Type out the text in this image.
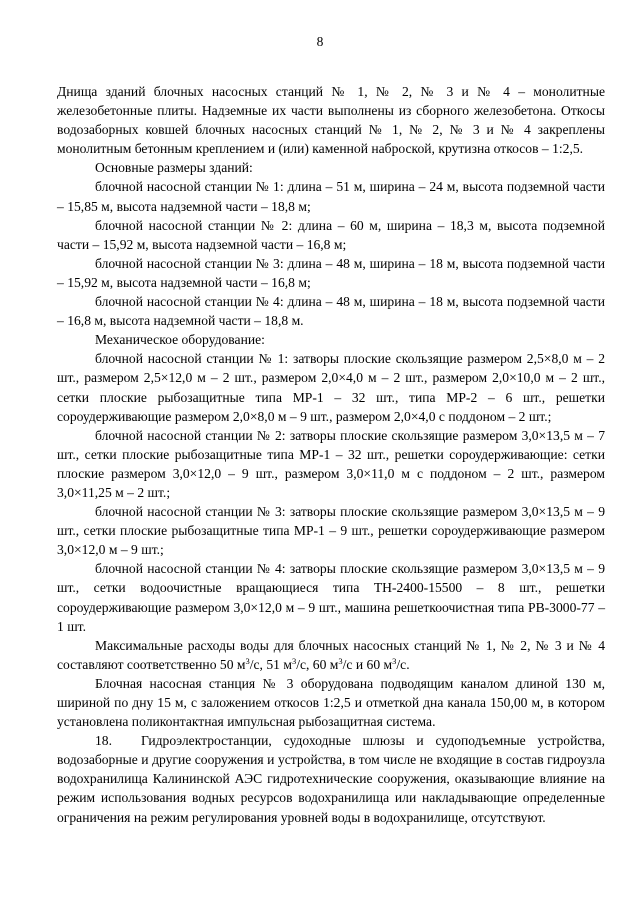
8

Днища зданий блочных насосных станций № 1, № 2, № 3 и № 4 – монолитные железобетонные плиты. Надземные их части выполнены из сборного железобетона. Откосы водозаборных ковшей блочных насосных станций № 1, № 2, № 3 и № 4 закреплены монолитным бетонным креплением и (или) каменной наброской, крутизна откосов – 1:2,5.

Основные размеры зданий:

блочной насосной станции № 1: длина – 51 м, ширина – 24 м, высота подземной части – 15,85 м, высота надземной части – 18,8 м;

блочной насосной станции № 2: длина – 60 м, ширина – 18,3 м, высота подземной части – 15,92 м, высота надземной части – 16,8 м;

блочной насосной станции № 3: длина – 48 м, ширина – 18 м, высота подземной части – 15,92 м, высота надземной части – 16,8 м;

блочной насосной станции № 4: длина – 48 м, ширина – 18 м, высота подземной части – 16,8 м, высота надземной части – 18,8 м.

Механическое оборудование:

блочной насосной станции № 1: затворы плоские скользящие размером 2,5×8,0 м – 2 шт., размером 2,5×12,0 м – 2 шт., размером 2,0×4,0 м – 2 шт., размером 2,0×10,0 м – 2 шт., сетки плоские рыбозащитные типа МР-1 – 32 шт., типа МР-2 – 6 шт., решетки сороудерживающие размером 2,0×8,0 м – 9 шт., размером 2,0×4,0 с поддоном – 2 шт.;

блочной насосной станции № 2: затворы плоские скользящие размером 3,0×13,5 м – 7 шт., сетки плоские рыбозащитные типа МР-1 – 32 шт., решетки сороудерживающие: сетки плоские размером 3,0×12,0 – 9 шт., размером 3,0×11,0 м с поддоном – 2 шт., размером 3,0×11,25 м – 2 шт.;

блочной насосной станции № 3: затворы плоские скользящие размером 3,0×13,5 м – 9 шт., сетки плоские рыбозащитные типа МР-1 – 9 шт., решетки сороудерживающие размером 3,0×12,0 м – 9 шт.;

блочной насосной станции № 4: затворы плоские скользящие размером 3,0×13,5 м – 9 шт., сетки водоочистные вращающиеся типа ТН-2400-15500 – 8 шт., решетки сороудерживающие размером 3,0×12,0 м – 9 шт., машина решеткоочистная типа РВ-3000-77 – 1 шт.

Максимальные расходы воды для блочных насосных станций № 1, № 2, № 3 и № 4 составляют соответственно 50 $м^3/с$, 51 $м^3/с$, 60 $м^3/с$ и 60 $м^3/с$.

Блочная насосная станция № 3 оборудована подводящим каналом длиной 130 м, шириной по дну 15 м, с заложением откосов 1:2,5 и отметкой дна канала 150,00 м, в котором установлена поликонтактная импульсная рыбозащитная система.

18. Гидроэлектростанции, судоходные шлюзы и судоподъемные устройства, водозаборные и другие сооружения и устройства, в том числе не входящие в состав гидроузла водохранилища Калининской АЭС гидротехнические сооружения, оказывающие влияние на режим использования водных ресурсов водохранилища или накладывающие определенные ограничения на режим регулирования уровней воды в водохранилище, отсутствуют.
